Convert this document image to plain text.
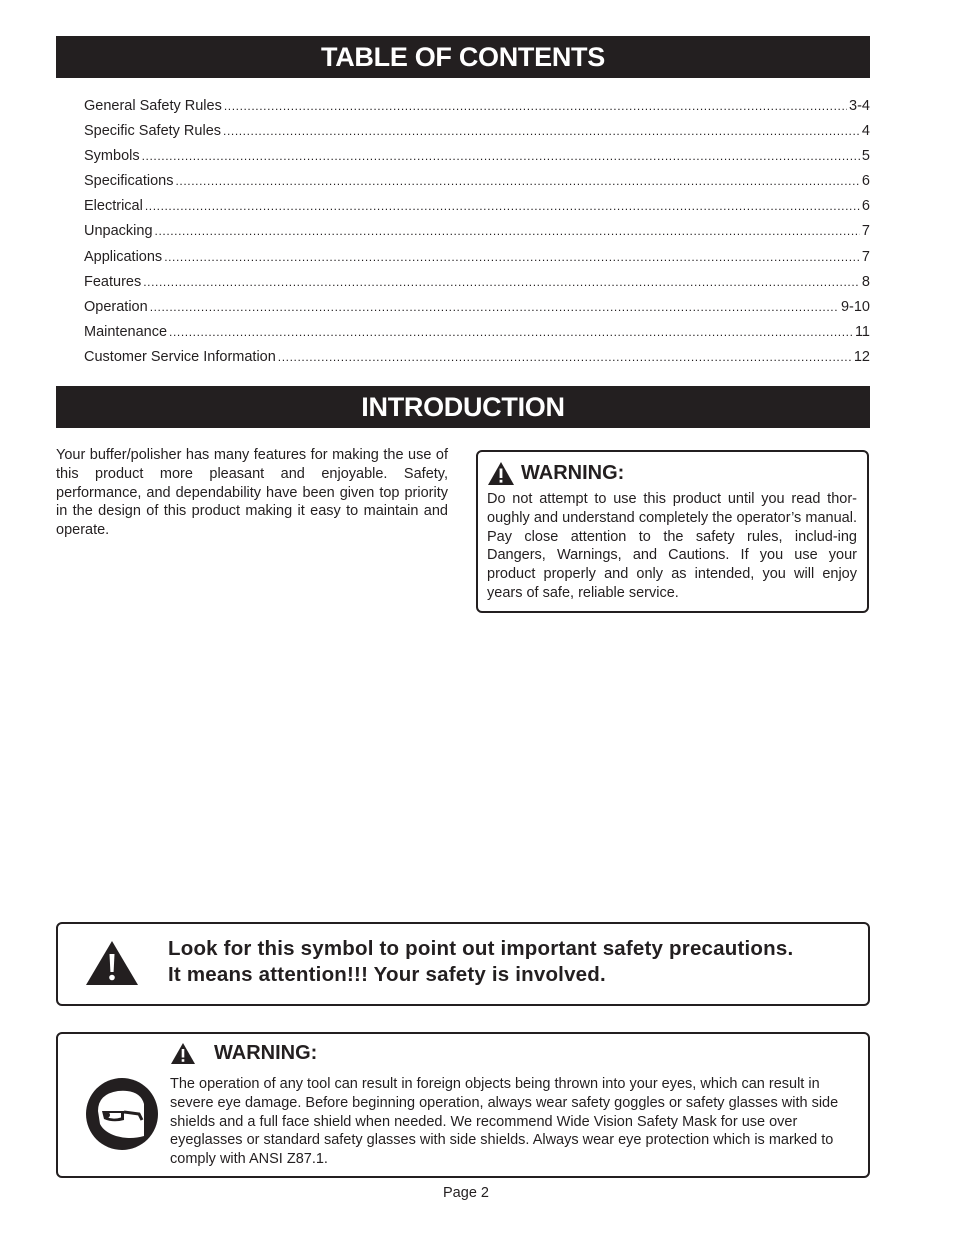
TABLE OF CONTENTS
General Safety Rules .....	3-4
Specific Safety Rules .....	4
Symbols .....	5
Specifications .....	6
Electrical .....	6
Unpacking .....	7
Applications .....	7
Features .....	8
Operation .....	9-10
Maintenance .....	11
Customer Service Information .....	12
INTRODUCTION

Your buffer/polisher has many features for making the use of this product more pleasant and enjoyable. Safety, performance, and dependability have been given top priority in the design of this product making it easy to maintain and operate.

WARNING:

Do not attempt to use this product until you read thor-oughly and understand completely the operator’s manual. Pay close attention to the safety rules, includ-ing Dangers, Warnings, and Cautions. If you use your product properly and only as intended, you will enjoy years of safe, reliable service.

Look for this symbol to point out important safety precautions.
It means attention!!! Your safety is involved.
WARNING:

The operation of any tool can result in foreign objects being thrown into your eyes, which can result in severe eye damage. Before beginning operation, always wear safety goggles or safety glasses with side shields and a full face shield when needed. We recommend Wide Vision Safety Mask for use over eyeglasses or standard safety glasses with side shields. Always wear eye protection which is marked to comply with ANSI Z87.1.

Page 2
